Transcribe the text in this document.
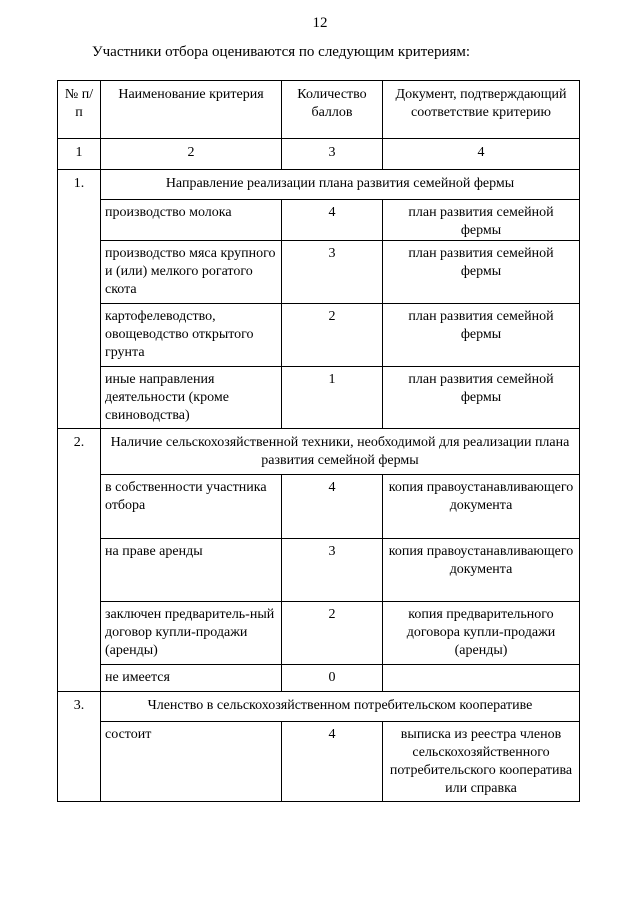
12
Участники отбора оцениваются по следующим критериям:
№ п/п	Наименование критерия	Количество баллов	Документ, подтверждающий соответствие критерию
1	2	3	4
1.	Направление реализации плана развития семейной фермы		
	производство молока	4	план развития семейной фермы
	производство мяса крупного и (или) мелкого рогатого скота	3	план развития семейной фермы
	картофелеводство, овощеводство открытого грунта	2	план развития семейной фермы
	иные направления деятельности (кроме свиноводства)	1	план развития семейной фермы
2.	Наличие сельскохозяйственной техники, необходимой для реализации плана развития семейной фермы		
	в собственности участника отбора	4	копия правоустанавливающего документа
	на праве аренды	3	копия правоустанавливающего документа
	заключен предваритель-ный договор купли-продажи (аренды)	2	копия предварительного договора купли-продажи (аренды)
	не имеется	0	
3.	Членство в сельскохозяйственном потребительском кооперативе		
	состоит	4	выписка из реестра членов сельскохозяйственного потребительского кооператива или справка
